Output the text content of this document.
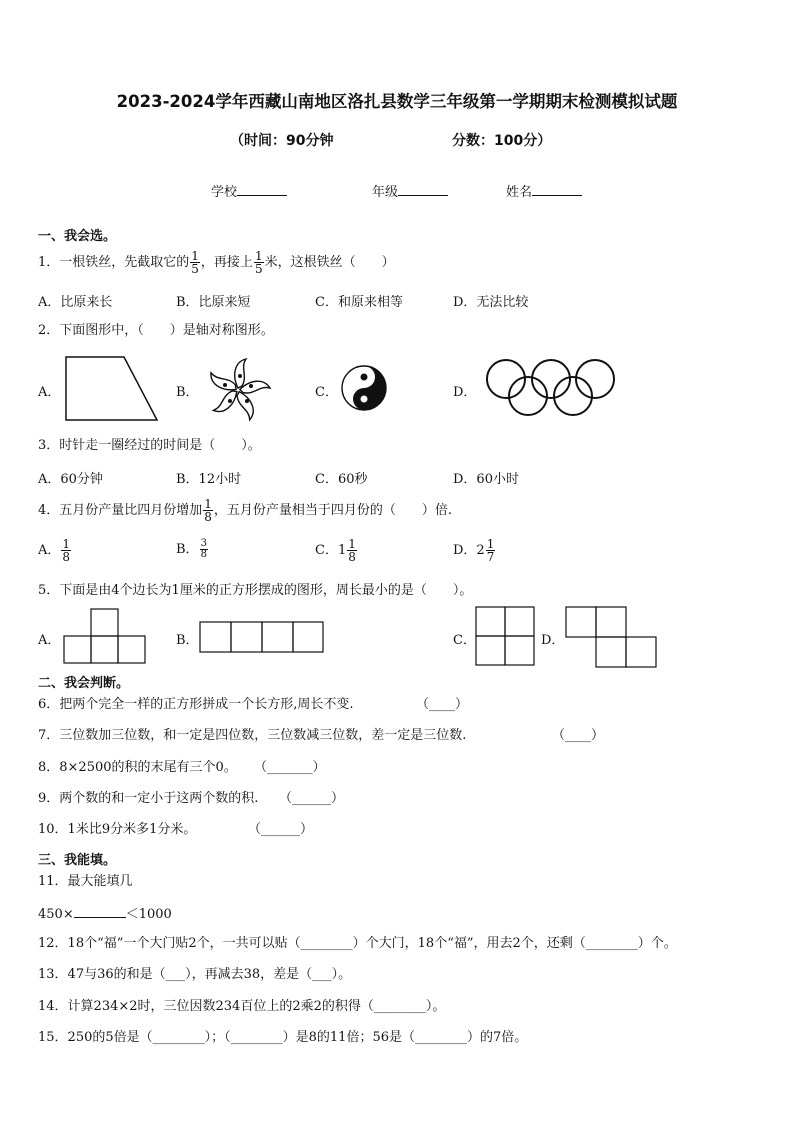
2023-2024学年西藏山南地区洛扎县数学三年级第一学期期末检测模拟试题
（时间：90分钟	分数：100分）
学校	年级	姓名
一、我会选。
1．一根铁丝，先截取它的 $\frac{1}{5}$ ，再接上 $\frac{1}{5}$ 米，这根铁丝（　　）
A．比原来长	B．比原来短	C．和原来相等	D．无法比较
2．下面图形中，（　　）是轴对称图形。
A．	B．	C．	D．
3．时针走一圈经过的时间是（　　）。
A．60分钟	B．12小时	C．60秒	D．60小时
4．五月份产量比四月份增加 $\frac{1}{8}$ ，五月份产量相当于四月份的（　　）倍.
A． $\frac{1}{8}$	B． $\frac{3}{8}$	C．$1 \frac{1}{8}$	D．$2 \frac{1}{7}$
5．下面是由4个边长为1厘米的正方形摆成的图形，周长最小的是（　　）。
A．	B．	C．	D．
二、我会判断。
6．把两个完全一样的正方形拼成一个长方形,周长不变.	（____）
7．三位数加三位数，和一定是四位数，三位数减三位数，差一定是三位数.	（____）
8．8×2500的积的末尾有三个0。 （_______）
9．两个数的和一定小于这两个数的积. （______）
10．1米比9分米多1分米。	（______）
三、我能填。
11．最大能填几
450×	＜1000
12．18个“福”一个大门贴2个，一共可以贴（________）个大门，18个“福”，用去2个，还剩（________）个。
13．47与36的和是（___），再减去38，差是（___）。
14．计算234×2时，三位因数234百位上的2乘2的积得（________）。
15．250的5倍是（________）；（________）是8的11倍；56是（________）的7倍。
